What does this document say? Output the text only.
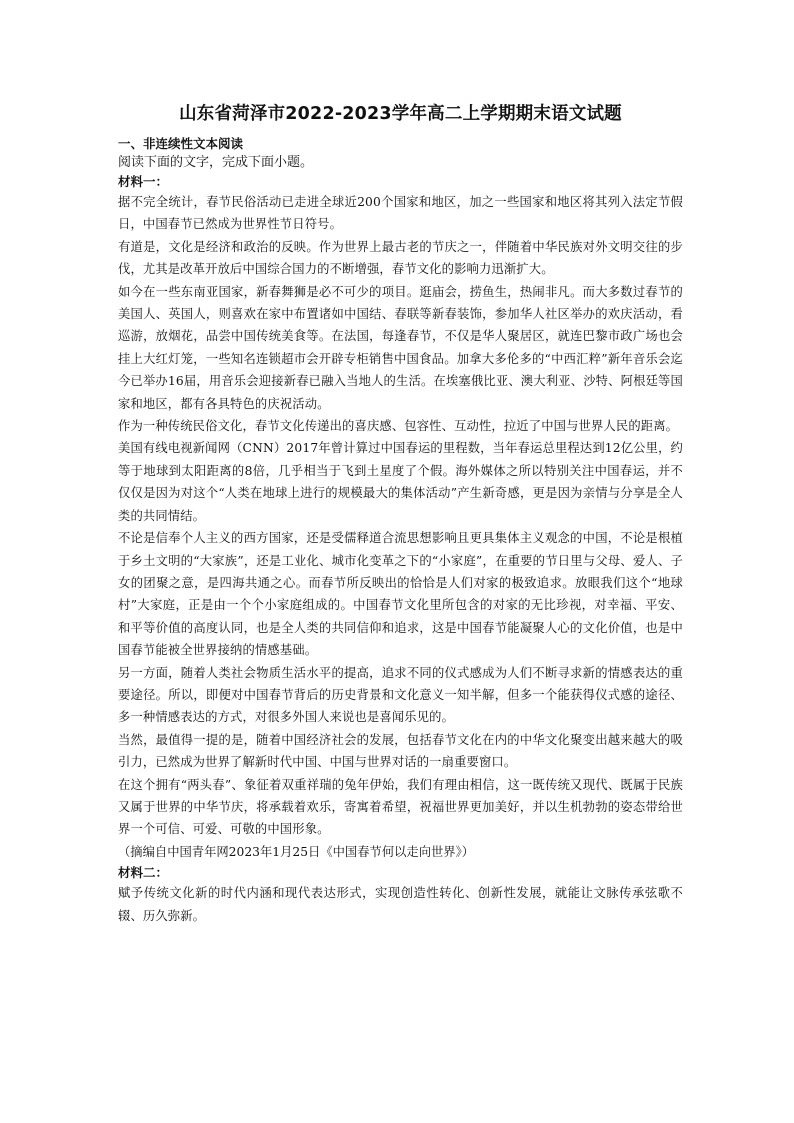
山东省菏泽市2022-2023学年高二上学期期末语文试题

一、非连续性文本阅读

阅读下面的文字，完成下面小题。

材料一：

据不完全统计，春节民俗活动已走进全球近200个国家和地区，加之一些国家和地区将其列入法定节假日，中国春节已然成为世界性节日符号。

有道是，文化是经济和政治的反映。作为世界上最古老的节庆之一，伴随着中华民族对外文明交往的步伐，尤其是改革开放后中国综合国力的不断增强，春节文化的影响力迅渐扩大。

如今在一些东南亚国家，新春舞狮是必不可少的项目。逛庙会，捞鱼生，热闹非凡。而大多数过春节的美国人、英国人，则喜欢在家中布置诸如中国结、春联等新春装饰，参加华人社区举办的欢庆活动，看巡游，放烟花，品尝中国传统美食等。在法国，每逢春节，不仅是华人聚居区，就连巴黎市政广场也会挂上大红灯笼，一些知名连锁超市会开辟专柜销售中国食品。加拿大多伦多的“中西汇粹”新年音乐会迄今已举办16届，用音乐会迎接新春已融入当地人的生活。在埃塞俄比亚、澳大利亚、沙特、阿根廷等国家和地区，都有各具特色的庆祝活动。

作为一种传统民俗文化，春节文化传递出的喜庆感、包容性、互动性，拉近了中国与世界人民的距离。

美国有线电视新闻网（CNN）2017年曾计算过中国春运的里程数，当年春运总里程达到12亿公里，约等于地球到太阳距离的8倍，几乎相当于飞到土星度了个假。海外媒体之所以特别关注中国春运，并不仅仅是因为对这个“人类在地球上进行的规模最大的集体活动”产生新奇感，更是因为亲情与分享是全人类的共同情结。

不论是信奉个人主义的西方国家，还是受儒释道合流思想影响且更具集体主义观念的中国，不论是根植于乡土文明的“大家族”，还是工业化、城市化变革之下的“小家庭”，在重要的节日里与父母、爱人、子女的团聚之意，是四海共通之心。而春节所反映出的恰恰是人们对家的极致追求。放眼我们这个“地球村”大家庭，正是由一个个小家庭组成的。中国春节文化里所包含的对家的无比珍视，对幸福、平安、和平等价值的高度认同，也是全人类的共同信仰和追求，这是中国春节能凝聚人心的文化价值，也是中国春节能被全世界接纳的情感基础。

另一方面，随着人类社会物质生活水平的提高，追求不同的仪式感成为人们不断寻求新的情感表达的重要途径。所以，即便对中国春节背后的历史背景和文化意义一知半解，但多一个能获得仪式感的途径、多一种情感表达的方式，对很多外国人来说也是喜闻乐见的。

当然，最值得一提的是，随着中国经济社会的发展，包括春节文化在内的中华文化聚变出越来越大的吸引力，已然成为世界了解新时代中国、中国与世界对话的一扇重要窗口。

在这个拥有“两头春”、象征着双重祥瑞的兔年伊始，我们有理由相信，这一既传统又现代、既属于民族又属于世界的中华节庆，将承载着欢乐，寄寓着希望，祝福世界更加美好，并以生机勃勃的姿态带给世界一个可信、可爱、可敬的中国形象。

（摘编自中国青年网2023年1月25日《中国春节何以走向世界》）

材料二：

赋予传统文化新的时代内涵和现代表达形式，实现创造性转化、创新性发展，就能让文脉传承弦歌不辍、历久弥新。
